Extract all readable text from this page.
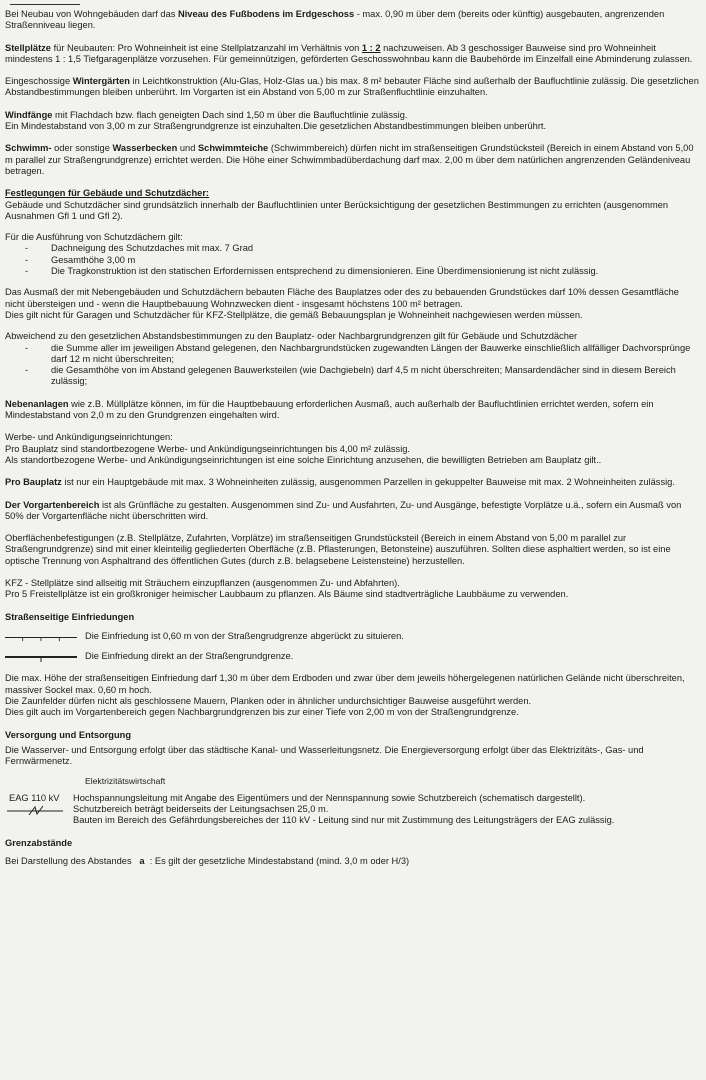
Bei Neubau von Wohngebäuden darf das Niveau des Fußbodens im Erdgeschoss - max. 0,90 m über dem (bereits oder künftig) ausgebauten, angrenzenden Straßenniveau liegen.

Stellplätze für Neubauten: Pro Wohneinheit ist eine Stellplatzanzahl im Verhältnis von 1 : 2 nachzuweisen. Ab 3 geschossiger Bauweise sind pro Wohneinheit mindestens 1 : 1,5 Tiefgaragenplätze vorzusehen. Für gemeinnützigen, geförderten Geschosswohnbau kann die Baubehörde im Einzelfall eine Abminderung zulassen.

Eingeschossige Wintergärten in Leichtkonstruktion (Alu-Glas, Holz-Glas ua.) bis max. 8 m² bebauter Fläche sind außerhalb der Baufluchtlinie zulässig. Die gesetzlichen Abstandbestimmungen bleiben unberührt. Im Vorgarten ist ein Abstand von 5,00 m zur Straßenfluchtlinie einzuhalten.

Windfänge mit Flachdach bzw. flach geneigten Dach sind 1,50 m über die Baufluchtlinie zulässig.
Ein Mindestabstand von 3,00 m zur Straßengrundgrenze ist einzuhalten.Die gesetzlichen Abstandbestimmungen bleiben unberührt.

Schwimm- oder sonstige Wasserbecken und Schwimmteiche (Schwimmbereich) dürfen nicht im straßenseitigen Grundstücksteil (Bereich in einem Abstand von 5,00 m parallel zur Straßengrundgrenze) errichtet werden. Die Höhe einer Schwimmbadüberdachung darf max. 2,00 m über dem natürlichen angrenzenden Geländeniveau betragen.

Festlegungen für Gebäude und Schutzdächer:

Gebäude und Schutzdächer sind grundsätzlich innerhalb der Baufluchtlinien unter Berücksichtigung der gesetzlichen Bestimmungen zu errichten (ausgenommen Ausnahmen Gfl 1 und Gfl 2).

Für die Ausführung von Schutzdächern gilt:

- Dachneigung des Schutzdaches mit max. 7 Grad
- Gesamthöhe 3,00 m
- Die Tragkonstruktion ist den statischen Erfordernissen entsprechend zu dimensionieren. Eine Überdimensionierung ist nicht zulässig.

Das Ausmaß der mit Nebengebäuden und Schutzdächern bebauten Fläche des Bauplatzes oder des zu bebauenden Grundstückes darf 10% dessen Gesamtfläche nicht übersteigen und - wenn die Hauptbebauung Wohnzwecken dient - insgesamt höchstens 100 m² betragen.

Dies gilt nicht für Garagen und Schutzdächer für KFZ-Stellplätze, die gemäß Bebauungsplan je Wohneinheit nachgewiesen werden müssen.

Abweichend zu den gesetzlichen Abstandsbestimmungen zu den Bauplatz- oder Nachbargrundgrenzen gilt für Gebäude und Schutzdächer

- die Summe aller im jeweiligen Abstand gelegenen, den Nachbargrundstücken zugewandten Längen der Bauwerke einschließlich allfälliger Dachvorsprünge darf 12 m nicht überschreiten;
- die Gesamthöhe von im Abstand gelegenen Bauwerksteilen (wie Dachgiebeln) darf 4,5 m nicht überschreiten; Mansardendächer sind in diesem Bereich zulässig;

Nebenanlagen wie z.B. Müllplätze können, im für die Hauptbebauung erforderlichen Ausmaß, auch außerhalb der Baufluchtlinien errichtet werden, sofern ein Mindestabstand von 2,0 m zu den Grundgrenzen eingehalten wird.

Werbe- und Ankündigungseinrichtungen:

Pro Bauplatz sind standortbezogene Werbe- und Ankündigungseinrichtungen bis 4,00 m² zulässig.

Als standortbezogene Werbe- und Ankündigungseinrichtungen ist eine solche Einrichtung anzusehen, die bewilligten Betrieben am Bauplatz gilt..

Pro Bauplatz ist nur ein Hauptgebäude mit max. 3 Wohneinheiten zulässig, ausgenommen Parzellen in gekuppelter Bauweise mit max. 2 Wohneinheiten zulässig.

Der Vorgartenbereich ist als Grünfläche zu gestalten. Ausgenommen sind Zu- und Ausfahrten, Zu- und Ausgänge, befestigte Vorplätze u.ä., sofern ein Ausmaß von 50% der Vorgartenfläche nicht überschritten wird.

Oberflächenbefestigungen (z.B. Stellplätze, Zufahrten, Vorplätze) im straßenseitigen Grundstücksteil (Bereich in einem Abstand von 5,00 m parallel zur Straßengrundgrenze) sind mit einer kleinteilig gegliederten Oberfläche (z.B. Pflasterungen, Betonsteine) auszuführen. Sollten diese asphaltiert werden, so ist eine optische Trennung von Asphaltrand des öffentlichen Gutes (durch z.B. belagsebene Leistensteine) herzustellen.

KFZ - Stellplätze sind allseitig mit Sträuchern einzupflanzen (ausgenommen Zu- und Abfahrten).

Pro 5 Freistellplätze ist ein großkroniger heimischer Laubbaum zu pflanzen. Als Bäume sind stadtverträgliche Laubbäume zu verwenden.

Straßenseitige Einfriedungen

Die Einfriedung ist 0,60 m von der Straßengrudgrenze abgerückt zu situieren.
Die Einfriedung direkt an der Straßengrundgrenze.

Die max. Höhe der straßenseitigen Einfriedung darf 1,30 m über dem Erdboden und zwar über dem jeweils höhergelegenen natürlichen Gelände nicht überschreiten, massiver Sockel max. 0,60 m hoch.

Die Zaunfelder dürfen nicht als geschlossene Mauern, Planken oder in ähnlicher undurchsichtiger Bauweise ausgeführt werden.

Dies gilt auch im Vorgartenbereich gegen Nachbargrundgrenzen bis zur einer Tiefe von 2,00 m von der Straßengrundgrenze.

Versorgung und Entsorgung

Die Wasserver- und Entsorgung erfolgt über das städtische Kanal- und Wasserleitungsnetz. Die Energieversorgung erfolgt über das Elektrizitäts-, Gas- und Fernwärmenetz.

Elektrizitätswirtschaft

EAG 110 kV	Hochspannungsleitung mit Angabe des Eigentümers und der Nennspannung sowie Schutzbereich (schematisch dargestellt).
Schutzbereich beträgt beiderseits der Leitungsachsen 25,0 m.
Bauten im Bereich des Gefährdungsbereiches der 110 kV - Leitung sind nur mit Zustimmung des Leitungsträgers der EAG zulässig.

Grenzabstände

Bei Darstellung des Abstandes   a  : Es gilt der gesetzliche Mindestabstand (mind. 3,0 m oder H/3)
